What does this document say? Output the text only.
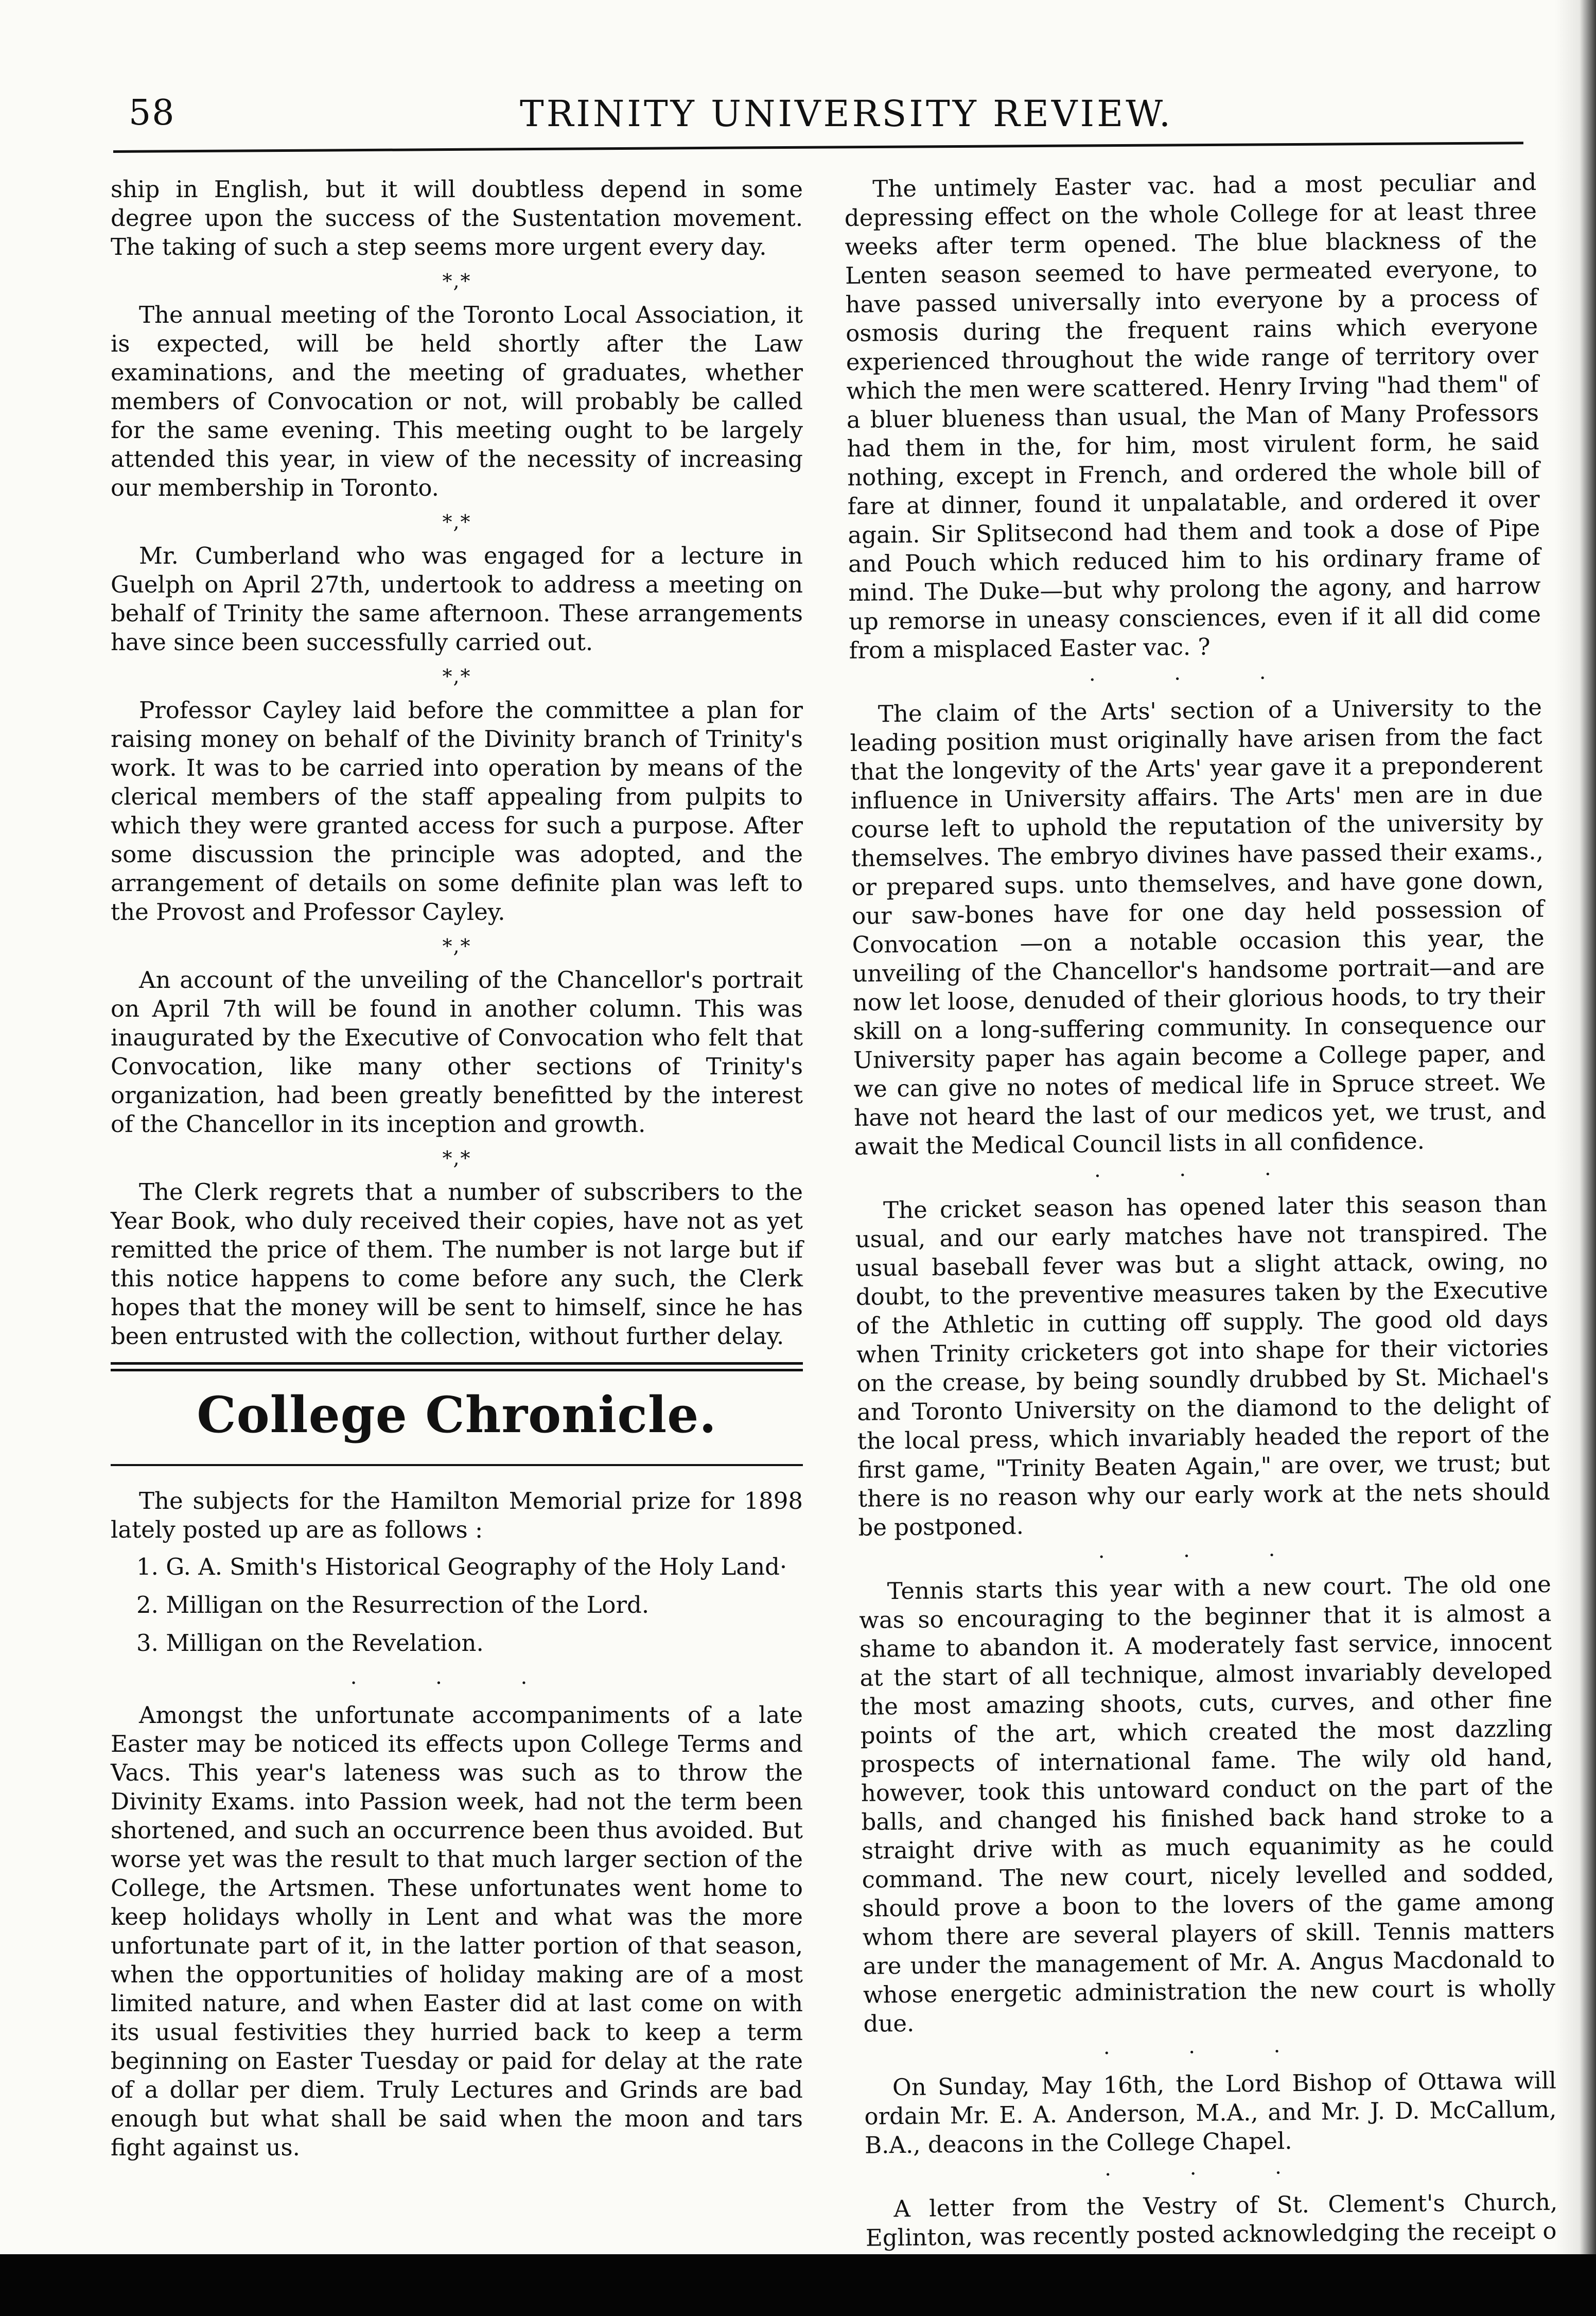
58	TRINITY UNIVERSITY REVIEW.

ship in English, but it will doubtless depend in some degree upon the success of the Sustentation movement. The taking of such a step seems more urgent every day.

*,*

The annual meeting of the Toronto Local Association, it is expected, will be held shortly after the Law examinations, and the meeting of graduates, whether members of Convocation or not, will probably be called for the same evening. This meeting ought to be largely attended this year, in view of the necessity of increasing our membership in Toronto.

*,*

Mr. Cumberland who was engaged for a lecture in Guelph on April 27th, undertook to address a meeting on behalf of Trinity the same afternoon. These arrangements have since been successfully carried out.

*,*

Professor Cayley laid before the committee a plan for raising money on behalf of the Divinity branch of Trinity's work. It was to be carried into operation by means of the clerical members of the staff appealing from pulpits to which they were granted access for such a purpose. After some discussion the principle was adopted, and the arrangement of details on some definite plan was left to the Provost and Professor Cayley.

*,*

An account of the unveiling of the Chancellor's portrait on April 7th will be found in another column. This was inaugurated by the Executive of Convocation who felt that Convocation, like many other sections of Trinity's organization, had been greatly benefitted by the interest of the Chancellor in its inception and growth.

*,*

The Clerk regrets that a number of subscribers to the Year Book, who duly received their copies, have not as yet remitted the price of them. The number is not large but if this notice happens to come before any such, the Clerk hopes that the money will be sent to himself, since he has been entrusted with the collection, without further delay.

College Chronicle.

The subjects for the Hamilton Memorial prize for 1898 lately posted up are as follows :

1. G. A. Smith's Historical Geography of the Holy Land·
2. Milligan on the Resurrection of the Lord.
3. Milligan on the Revelation.
· · ·

Amongst the unfortunate accompaniments of a late Easter may be noticed its effects upon College Terms and Vacs. This year's lateness was such as to throw the Divinity Exams. into Passion week, had not the term been shortened, and such an occurrence been thus avoided. But worse yet was the result to that much larger section of the College, the Artsmen. These unfortunates went home to keep holidays wholly in Lent and what was the more unfortunate part of it, in the latter portion of that season, when the opportunities of holiday making are of a most limited nature, and when Easter did at last come on with its usual festivities they hurried back to keep a term beginning on Easter Tuesday or paid for delay at the rate of a dollar per diem. Truly Lectures and Grinds are bad enough but what shall be said when the moon and tars fight against us.

The untimely Easter vac. had a most peculiar and depressing effect on the whole College for at least three weeks after term opened. The blue blackness of the Lenten season seemed to have permeated everyone, to have passed universally into everyone by a process of osmosis during the frequent rains which everyone experienced throughout the wide range of territory over which the men were scattered. Henry Irving "had them" of a bluer blueness than usual, the Man of Many Professors had them in the, for him, most virulent form, he said nothing, except in French, and ordered the whole bill of fare at dinner, found it unpalatable, and ordered it over again. Sir Splitsecond had them and took a dose of Pipe and Pouch which reduced him to his ordinary frame of mind. The Duke—but why prolong the agony, and harrow up remorse in uneasy consciences, even if it all did come from a misplaced Easter vac. ?

· · ·

The claim of the Arts' section of a University to the leading position must originally have arisen from the fact that the longevity of the Arts' year gave it a preponderent influence in University affairs. The Arts' men are in due course left to uphold the reputation of the university by themselves. The embryo divines have passed their exams., or prepared sups. unto themselves, and have gone down, our saw-bones have for one day held possession of Convocation —on a notable occasion this year, the unveiling of the Chancellor's handsome portrait—and are now let loose, denuded of their glorious hoods, to try their skill on a long-suffering community. In consequence our University paper has again become a College paper, and we can give no notes of medical life in Spruce street. We have not heard the last of our medicos yet, we trust, and await the Medical Council lists in all confidence.

· · ·

The cricket season has opened later this season than usual, and our early matches have not transpired. The usual baseball fever was but a slight attack, owing, no doubt, to the preventive measures taken by the Executive of the Athletic in cutting off supply. The good old days when Trinity cricketers got into shape for their victories on the crease, by being soundly drubbed by St. Michael's and Toronto University on the diamond to the delight of the local press, which invariably headed the report of the first game, "Trinity Beaten Again," are over, we trust; but there is no reason why our early work at the nets should be postponed.

· · ·

Tennis starts this year with a new court. The old one was so encouraging to the beginner that it is almost a shame to abandon it. A moderately fast service, innocent at the start of all technique, almost invariably developed the most amazing shoots, cuts, curves, and other fine points of the art, which created the most dazzling prospects of international fame. The wily old hand, however, took this untoward conduct on the part of the balls, and changed his finished back hand stroke to a straight drive with as much equanimity as he could command. The new court, nicely levelled and sodded, should prove a boon to the lovers of the game among whom there are several players of skill. Tennis matters are under the management of Mr. A. Angus Macdonald to whose energetic administration the new court is wholly due.

· · ·

On Sunday, May 16th, the Lord Bishop of Ottawa will ordain Mr. E. A. Anderson, M.A., and Mr. J. D. McCallum, B.A., deacons in the College Chapel.

· · ·

A letter from the Vestry of St. Clement's Church, Eglinton, was recently posted acknowledging the receipt o
